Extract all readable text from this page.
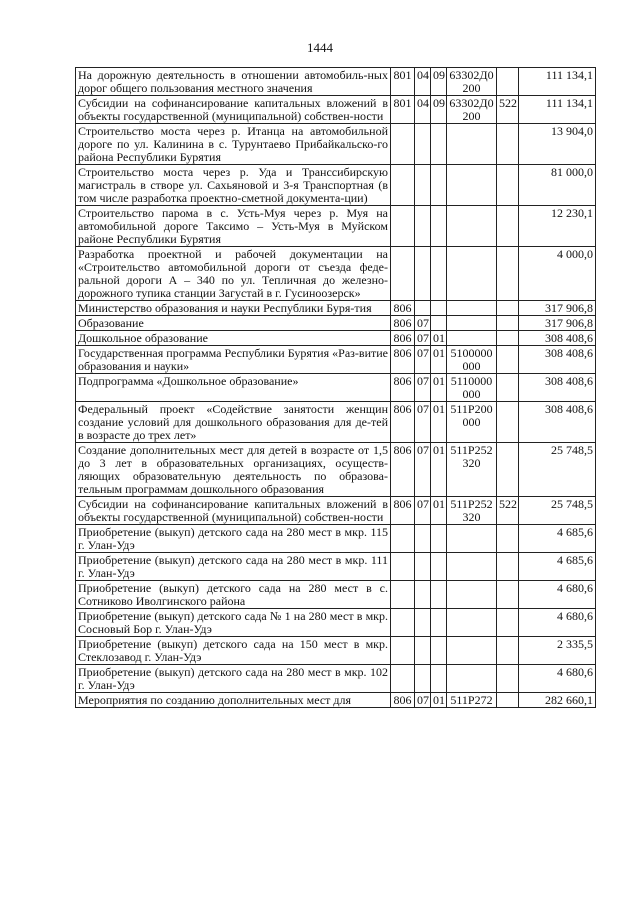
1444
На дорожную деятельность в отношении автомобиль-ных дорог общего пользования местного значения	801	04	09	63302Д0 200		111 134,1
Субсидии на софинансирование капитальных вложений в объекты государственной (муниципальной) собствен-ности	801	04	09	63302Д0 200	522	111 134,1
Строительство моста через р. Итанца на автомобильной дороге по ул. Калинина в с. Турунтаево Прибайкальско-го района Республики Бурятия						13 904,0
Строительство моста через р. Уда и Транссибирскую магистраль в створе ул. Сахьяновой и 3-я Транспортная (в том числе разработка проектно-сметной документа-ции)						81 000,0
Строительство парома в с. Усть-Муя через р. Муя на автомобильной дороге Таксимо – Усть-Муя в Муйском районе Республики Бурятия						12 230,1
Разработка проектной и рабочей документации на «Строительство автомобильной дороги от съезда феде-ральной дороги А – 340 по ул. Тепличная до железно-дорожного тупика станции Загустай в г. Гусиноозерск»						4 000,0
Министерство образования и науки Республики Буря-тия	806					317 906,8
Образование	806	07				317 906,8
Дошкольное образование	806	07	01			308 408,6
Государственная программа Республики Бурятия «Раз-витие образования и науки»	806	07	01	5100000 000		308 408,6
Подпрограмма «Дошкольное образование»	806	07	01	5110000 000		308 408,6
Федеральный проект «Содействие занятости женщин создание условий для дошкольного образования для де-тей в возрасте до трех лет»	806	07	01	511P200 000		308 408,6
Создание дополнительных мест для детей в возрасте от 1,5 до 3 лет в образовательных организациях, осуществ-ляющих образовательную деятельность по образова-тельным программам дошкольного образования	806	07	01	511P252 320		25 748,5
Субсидии на софинансирование капитальных вложений в объекты государственной (муниципальной) собствен-ности	806	07	01	511P252 320	522	25 748,5
Приобретение (выкуп) детского сада на 280 мест в мкр. 115 г. Улан-Удэ						4 685,6
Приобретение (выкуп) детского сада на 280 мест в мкр. 111 г. Улан-Удэ						4 685,6
Приобретение (выкуп) детского сада на 280 мест в с. Сотниково Иволгинского района						4 680,6
Приобретение (выкуп) детского сада № 1 на 280 мест в мкр. Сосновый Бор г. Улан-Удэ						4 680,6
Приобретение (выкуп) детского сада на 150 мест в мкр. Стеклозавод г. Улан-Удэ						2 335,5
Приобретение (выкуп) детского сада на 280 мест в мкр. 102 г. Улан-Удэ						4 680,6
Мероприятия по созданию дополнительных мест для	806	07	01	511P272		282 660,1
